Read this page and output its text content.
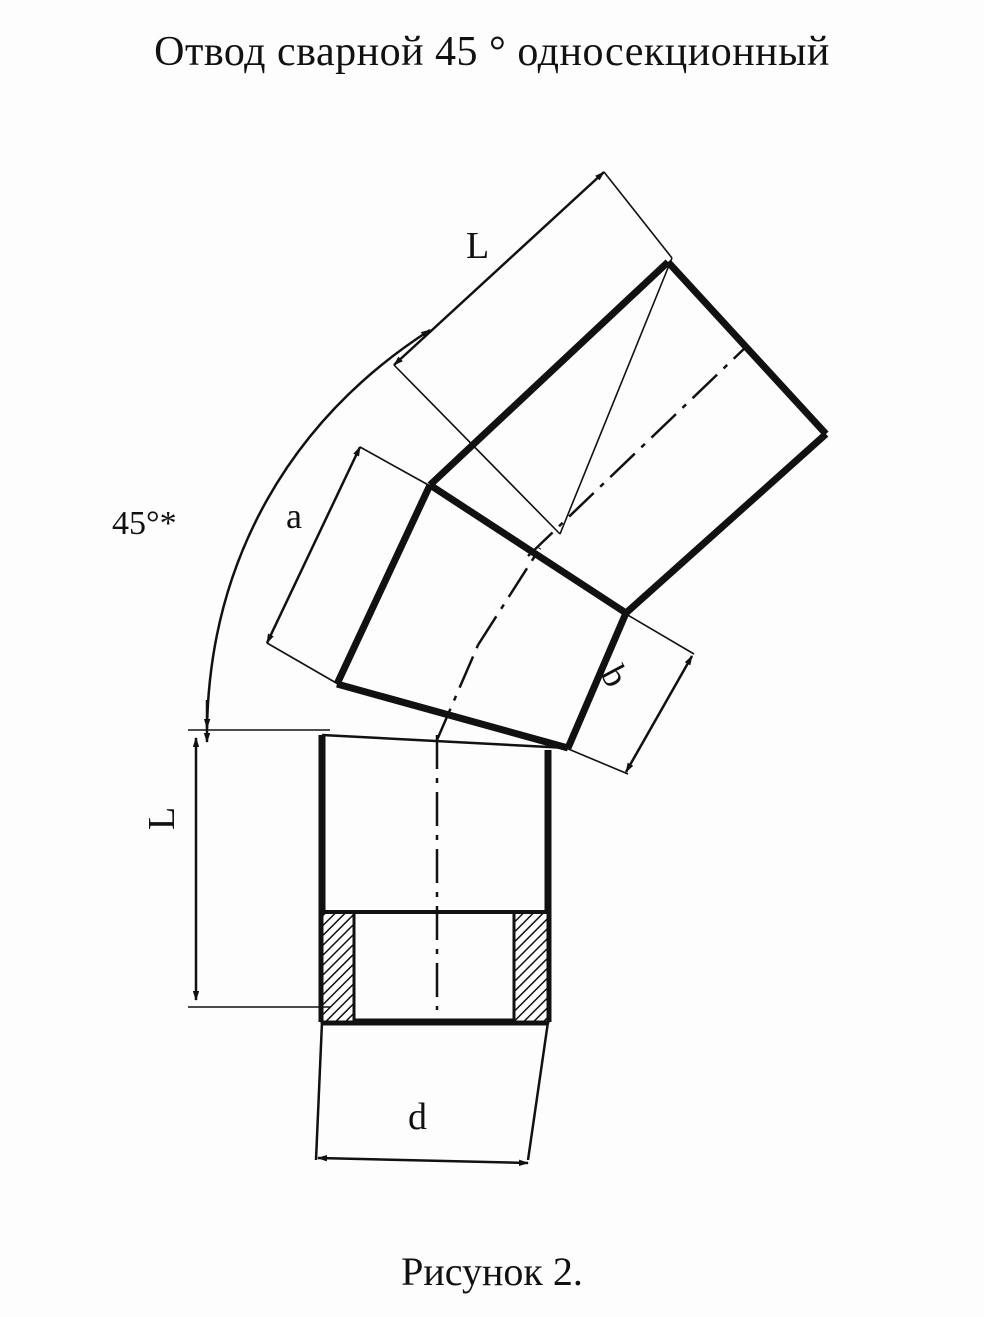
Отвод сварной 45 ° односекционный
45°*
L
a
b
L
d
Рисунок 2.
